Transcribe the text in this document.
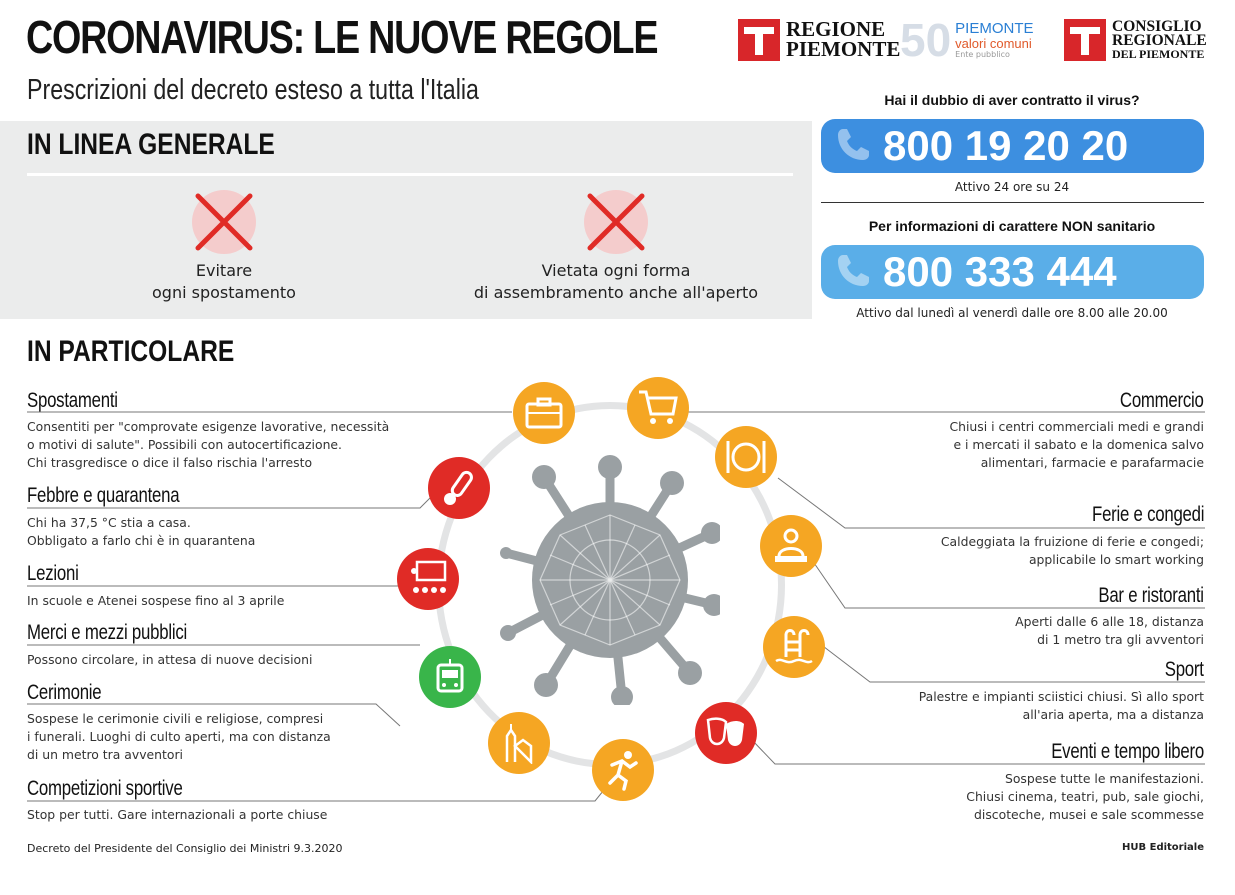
CORONAVIRUS: LE NUOVE REGOLE
Prescrizioni del decreto esteso a tutta l'Italia
REGIONE
PIEMONTE 50 PIEMONTE
valori comuni
Ente pubblico
CONSIGLIO
REGIONALE
DEL PIEMONTE
IN LINEA GENERALE
Evitare
ogni spostamento
Vietata ogni forma
di assembramento anche all'aperto
Hai il dubbio di aver contratto il virus?
800 19 20 20
Attivo 24 ore su 24
Per informazioni di carattere NON sanitario
800 333 444
Attivo dal lunedì al venerdì dalle ore 8.00 alle 20.00
IN PARTICOLARE
Spostamenti
Consentiti per "comprovate esigenze lavorative, necessità
o motivi di salute". Possibili con autocertificazione.
Chi trasgredisce o dice il falso rischia l'arresto
Febbre e quarantena
Chi ha 37,5 °C stia a casa.
Obbligato a farlo chi è in quarantena
Lezioni
In scuole e Atenei sospese fino al 3 aprile
Merci e mezzi pubblici
Possono circolare, in attesa di nuove decisioni
Cerimonie
Sospese le cerimonie civili e religiose, compresi
i funerali. Luoghi di culto aperti, ma con distanza
di un metro tra avventori
Competizioni sportive
Stop per tutti. Gare internazionali a porte chiuse
Commercio
Chiusi i centri commerciali medi e grandi
e i mercati il sabato e la domenica salvo
alimentari, farmacie e parafarmacie
Ferie e congedi
Caldeggiata la fruizione di ferie e congedi;
applicabile lo smart working
Bar e ristoranti
Aperti dalle 6 alle 18, distanza
di 1 metro tra gli avventori
Sport
Palestre e impianti sciistici chiusi. Sì allo sport
all'aria aperta, ma a distanza
Eventi e tempo libero
Sospese tutte le manifestazioni.
Chiusi cinema, teatri, pub, sale giochi,
discoteche, musei e sale scommesse
Decreto del Presidente del Consiglio dei Ministri 9.3.2020	HUB Editoriale
